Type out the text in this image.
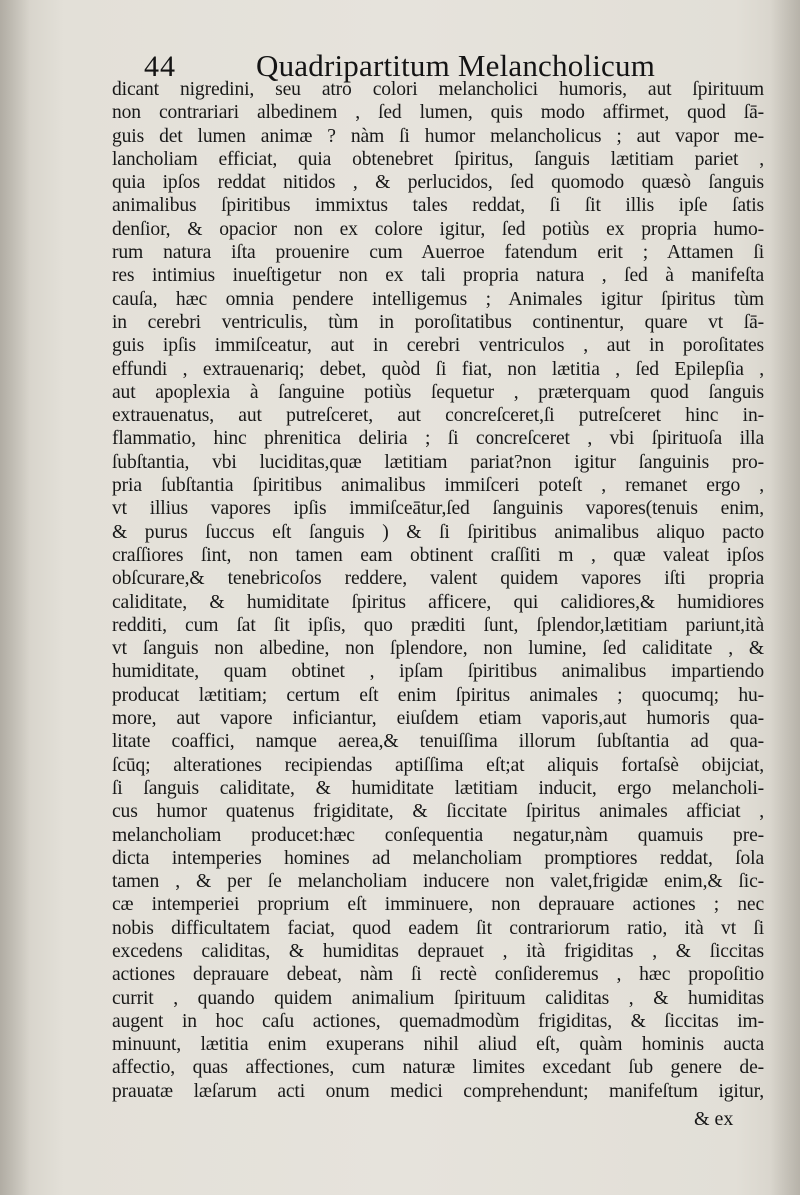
44	Quadripartitum Melancholicum
dicant nigredini, seu atro colori melancholici humoris, aut ſpirituum
non contrariari albedinem , ſed lumen, quis modo affirmet, quod ſā-
guis det lumen animæ ? nàm ſi humor melancholicus ; aut vapor me-
lancholiam efficiat, quia obtenebret ſpiritus, ſanguis lætitiam pariet ,
quia ipſos reddat nitidos , & perlucidos, ſed quomodo quæsò ſanguis
animalibus ſpiritibus immixtus tales reddat, ſi ſit illis ipſe ſatis
denſior, & opacior non ex colore igitur, ſed potiùs ex propria humo-
rum natura iſta prouenire cum Auerroe fatendum erit ; Attamen ſi
res intimius inueſtigetur non ex tali propria natura , ſed à manifeſta
cauſa, hæc omnia pendere intelligemus ; Animales igitur ſpiritus tùm
in cerebri ventriculis, tùm in poroſitatibus continentur, quare vt ſā-
guis ipſis immiſceatur, aut in cerebri ventriculos , aut in poroſitates
effundi , extrauenariq; debet, quòd ſi fiat, non lætitia , ſed Epilepſia ,
aut apoplexia à ſanguine potiùs ſequetur , præterquam quod ſanguis
extrauenatus, aut putreſceret, aut concreſceret,ſi putreſceret hinc in-
flammatio, hinc phrenitica deliria ; ſi concreſceret , vbi ſpirituoſa illa
ſubſtantia, vbi luciditas,quæ lætitiam pariat?non igitur ſanguinis pro-
pria ſubſtantia ſpiritibus animalibus immiſceri poteſt , remanet ergo ,
vt illius vapores ipſis immiſceātur,ſed ſanguinis vapores(tenuis enim,
& purus ſuccus eſt ſanguis ) & ſi ſpiritibus animalibus aliquo pacto
craſſiores ſint, non tamen eam obtinent craſſiti m , quæ valeat ipſos
obſcurare,& tenebricoſos reddere, valent quidem vapores iſti propria
caliditate, & humiditate ſpiritus afficere, qui calidiores,& humidiores
redditi, cum ſat ſit ipſis, quo præditi ſunt, ſplendor,lætitiam pariunt,ità
vt ſanguis non albedine, non ſplendore, non lumine, ſed caliditate , &
humiditate, quam obtinet , ipſam ſpiritibus animalibus impartiendo
producat lætitiam; certum eſt enim ſpiritus animales ; quocumq; hu-
more, aut vapore inficiantur, eiuſdem etiam vaporis,aut humoris qua-
litate coaffici, namque aerea,& tenuiſſima illorum ſubſtantia ad qua-
ſcūq; alterationes recipiendas aptiſſima eſt;at aliquis fortaſsè obijciat,
ſi ſanguis caliditate, & humiditate lætitiam inducit, ergo melancholi-
cus humor quatenus frigiditate, & ſiccitate ſpiritus animales afficiat ,
melancholiam producet:hæc conſequentia negatur,nàm quamuis pre-
dicta intemperies homines ad melancholiam promptiores reddat, ſola
tamen , & per ſe melancholiam inducere non valet,frigidæ enim,& ſic-
cæ intemperiei proprium eſt imminuere, non deprauare actiones ; nec
nobis difficultatem faciat, quod eadem ſit contrariorum ratio, ità vt ſi
excedens caliditas, & humiditas deprauet , ità frigiditas , & ſiccitas
actiones deprauare debeat, nàm ſi rectè conſideremus , hæc propoſitio
currit , quando quidem animalium ſpirituum caliditas , & humiditas
augent in hoc caſu actiones, quemadmodùm frigiditas, & ſiccitas im-
minuunt, lætitia enim exuperans nihil aliud eſt, quàm hominis aucta
affectio, quas affectiones, cum naturæ limites excedant ſub genere de-
prauatæ læſarum acti onum medici comprehendunt; manifeſtum igitur,
& ex
